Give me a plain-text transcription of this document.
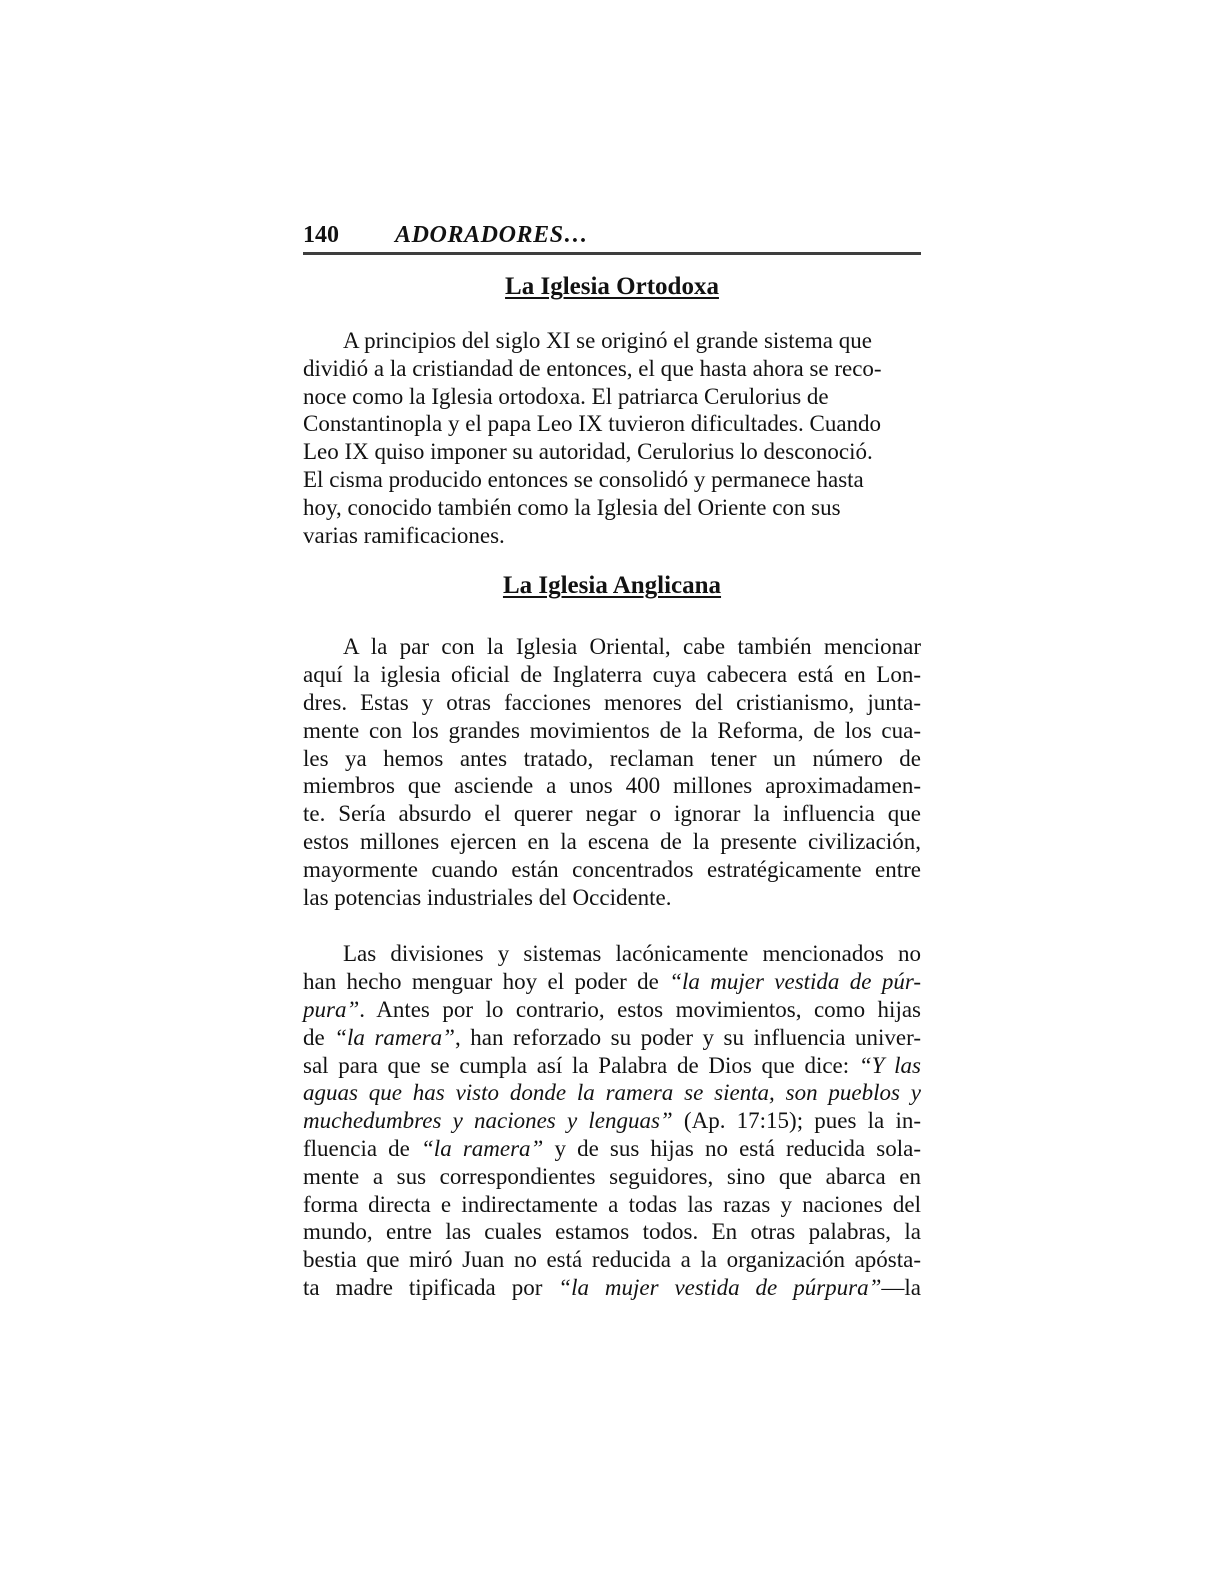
140 ADORADORES…
La Iglesia Ortodoxa
A principios del siglo XI se originó el grande sistema que
dividió a la cristiandad de entonces, el que hasta ahora se reco-
noce como la Iglesia ortodoxa. El patriarca Cerulorius de
Constantinopla y el papa Leo IX tuvieron dificultades. Cuando
Leo IX quiso imponer su autoridad, Cerulorius lo desconoció.
El cisma producido entonces se consolidó y permanece hasta
hoy, conocido también como la Iglesia del Oriente con sus
varias ramificaciones.
La Iglesia Anglicana
A la par con la Iglesia Oriental, cabe también mencionar
aquí la iglesia oficial de Inglaterra cuya cabecera está en Lon-
dres. Estas y otras facciones menores del cristianismo, junta-
mente con los grandes movimientos de la Reforma, de los cua-
les ya hemos antes tratado, reclaman tener un número de
miembros que asciende a unos 400 millones aproximadamen-
te. Sería absurdo el querer negar o ignorar la influencia que
estos millones ejercen en la escena de la presente civilización,
mayormente cuando están concentrados estratégicamente entre
las potencias industriales del Occidente.
Las divisiones y sistemas lacónicamente mencionados no
han hecho menguar hoy el poder de “la mujer vestida de púr-
pura”. Antes por lo contrario, estos movimientos, como hijas
de “la ramera”, han reforzado su poder y su influencia univer-
sal para que se cumpla así la Palabra de Dios que dice: “Y las
aguas que has visto donde la ramera se sienta, son pueblos y
muchedumbres y naciones y lenguas” (Ap. 17:15); pues la in-
fluencia de “la ramera” y de sus hijas no está reducida sola-
mente a sus correspondientes seguidores, sino que abarca en
forma directa e indirectamente a todas las razas y naciones del
mundo, entre las cuales estamos todos. En otras palabras, la
bestia que miró Juan no está reducida a la organización apósta-
ta madre tipificada por “la mujer vestida de púrpura”—la
